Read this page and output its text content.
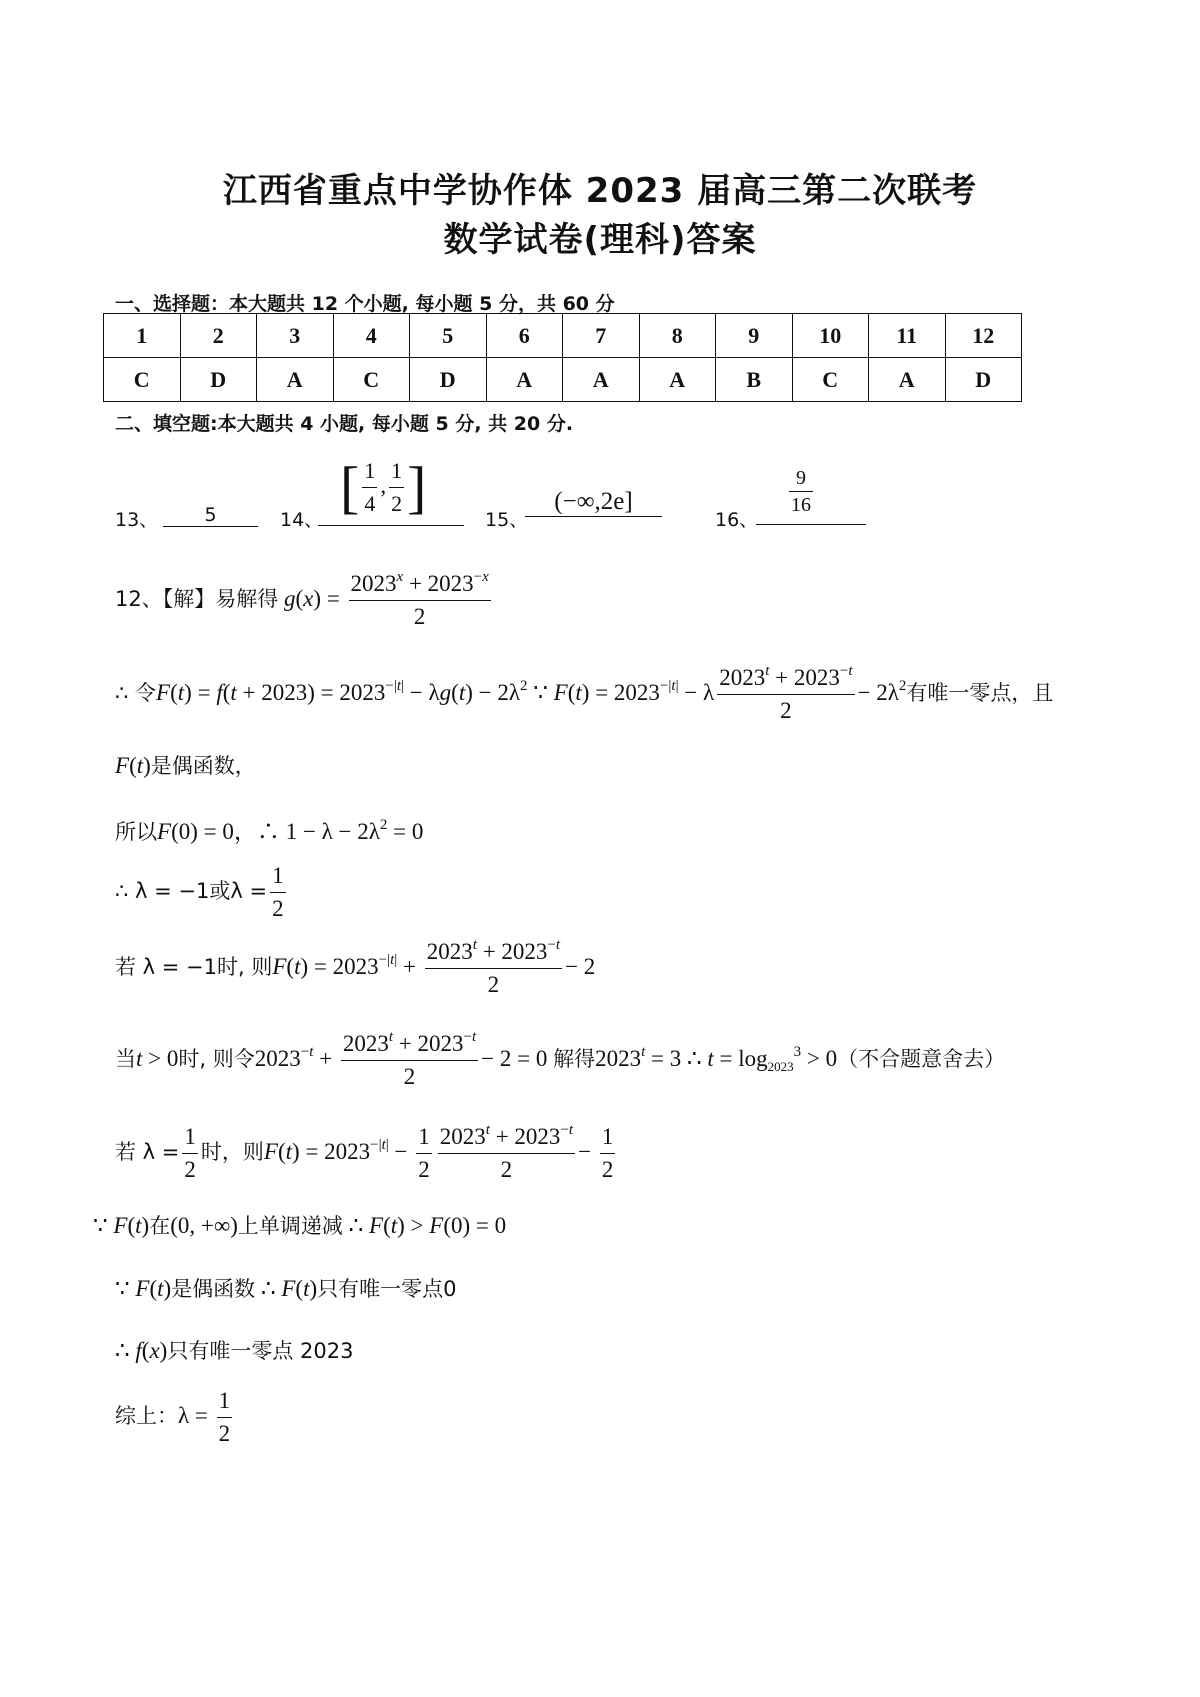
江西省重点中学协作体 2023 届高三第二次联考
数学试卷(理科)答案
一、选择题：本大题共 12 个小题, 每小题 5 分，共 60 分
1	2	3	4	5	6	7	8	9	10	11	12
C	D	A	C	D	A	A	A	B	C	A	D
二、填空题:本大题共 4 小题, 每小题 5 分, 共 20 分.
13、	5	14、
[ $\frac{1}{4}$ , $\frac{1}{2}$ ]
15、
(−∞,2e]
16、
$\frac{9}{16}$
12、【解】易解得 $g(x) = \frac{2023^x + 2023^{-x}}{2}$
∴ 令$F(t) = f(t + 2023) = 2023^{-|t|} - \lambda g(t) - 2\lambda^2$ ∵ $F(t) = 2023^{-|t|} - \lambda \frac{2023^t + 2023^{-t}}{2} - 2\lambda^2$有唯一零点，且
F(t)是偶函数，
所以F(0) = 0，∴ $1 - \lambda - 2\lambda^2 = 0$
∴ λ = −1或$\lambda = \frac{1}{2}$
若 λ = −1时, 则$F(t) = 2023^{-|t|} + \frac{2023^t + 2023^{-t}}{2} - 2$
当t > 0时, 则令$2023^{-t} + \frac{2023^t + 2023^{-t}}{2} - 2 = 0$ 解得$2023^t = 3$ ∴ $t = \log_{2023}^3 > 0$（不合题意舍去）
若 $\lambda = \frac{1}{2}$ 时，则$F(t) = 2023^{-|t|} - \frac{1}{2} \frac{2023^t + 2023^{-t}}{2} - \frac{1}{2}$
∵ F(t)在(0, +∞)上单调递减 ∴ F(t) > F(0) = 0
∵ F(t)是偶函数 ∴ F(t)只有唯一零点0
∴ f(x)只有唯一零点 2023
综上：$\lambda = \frac{1}{2}$
